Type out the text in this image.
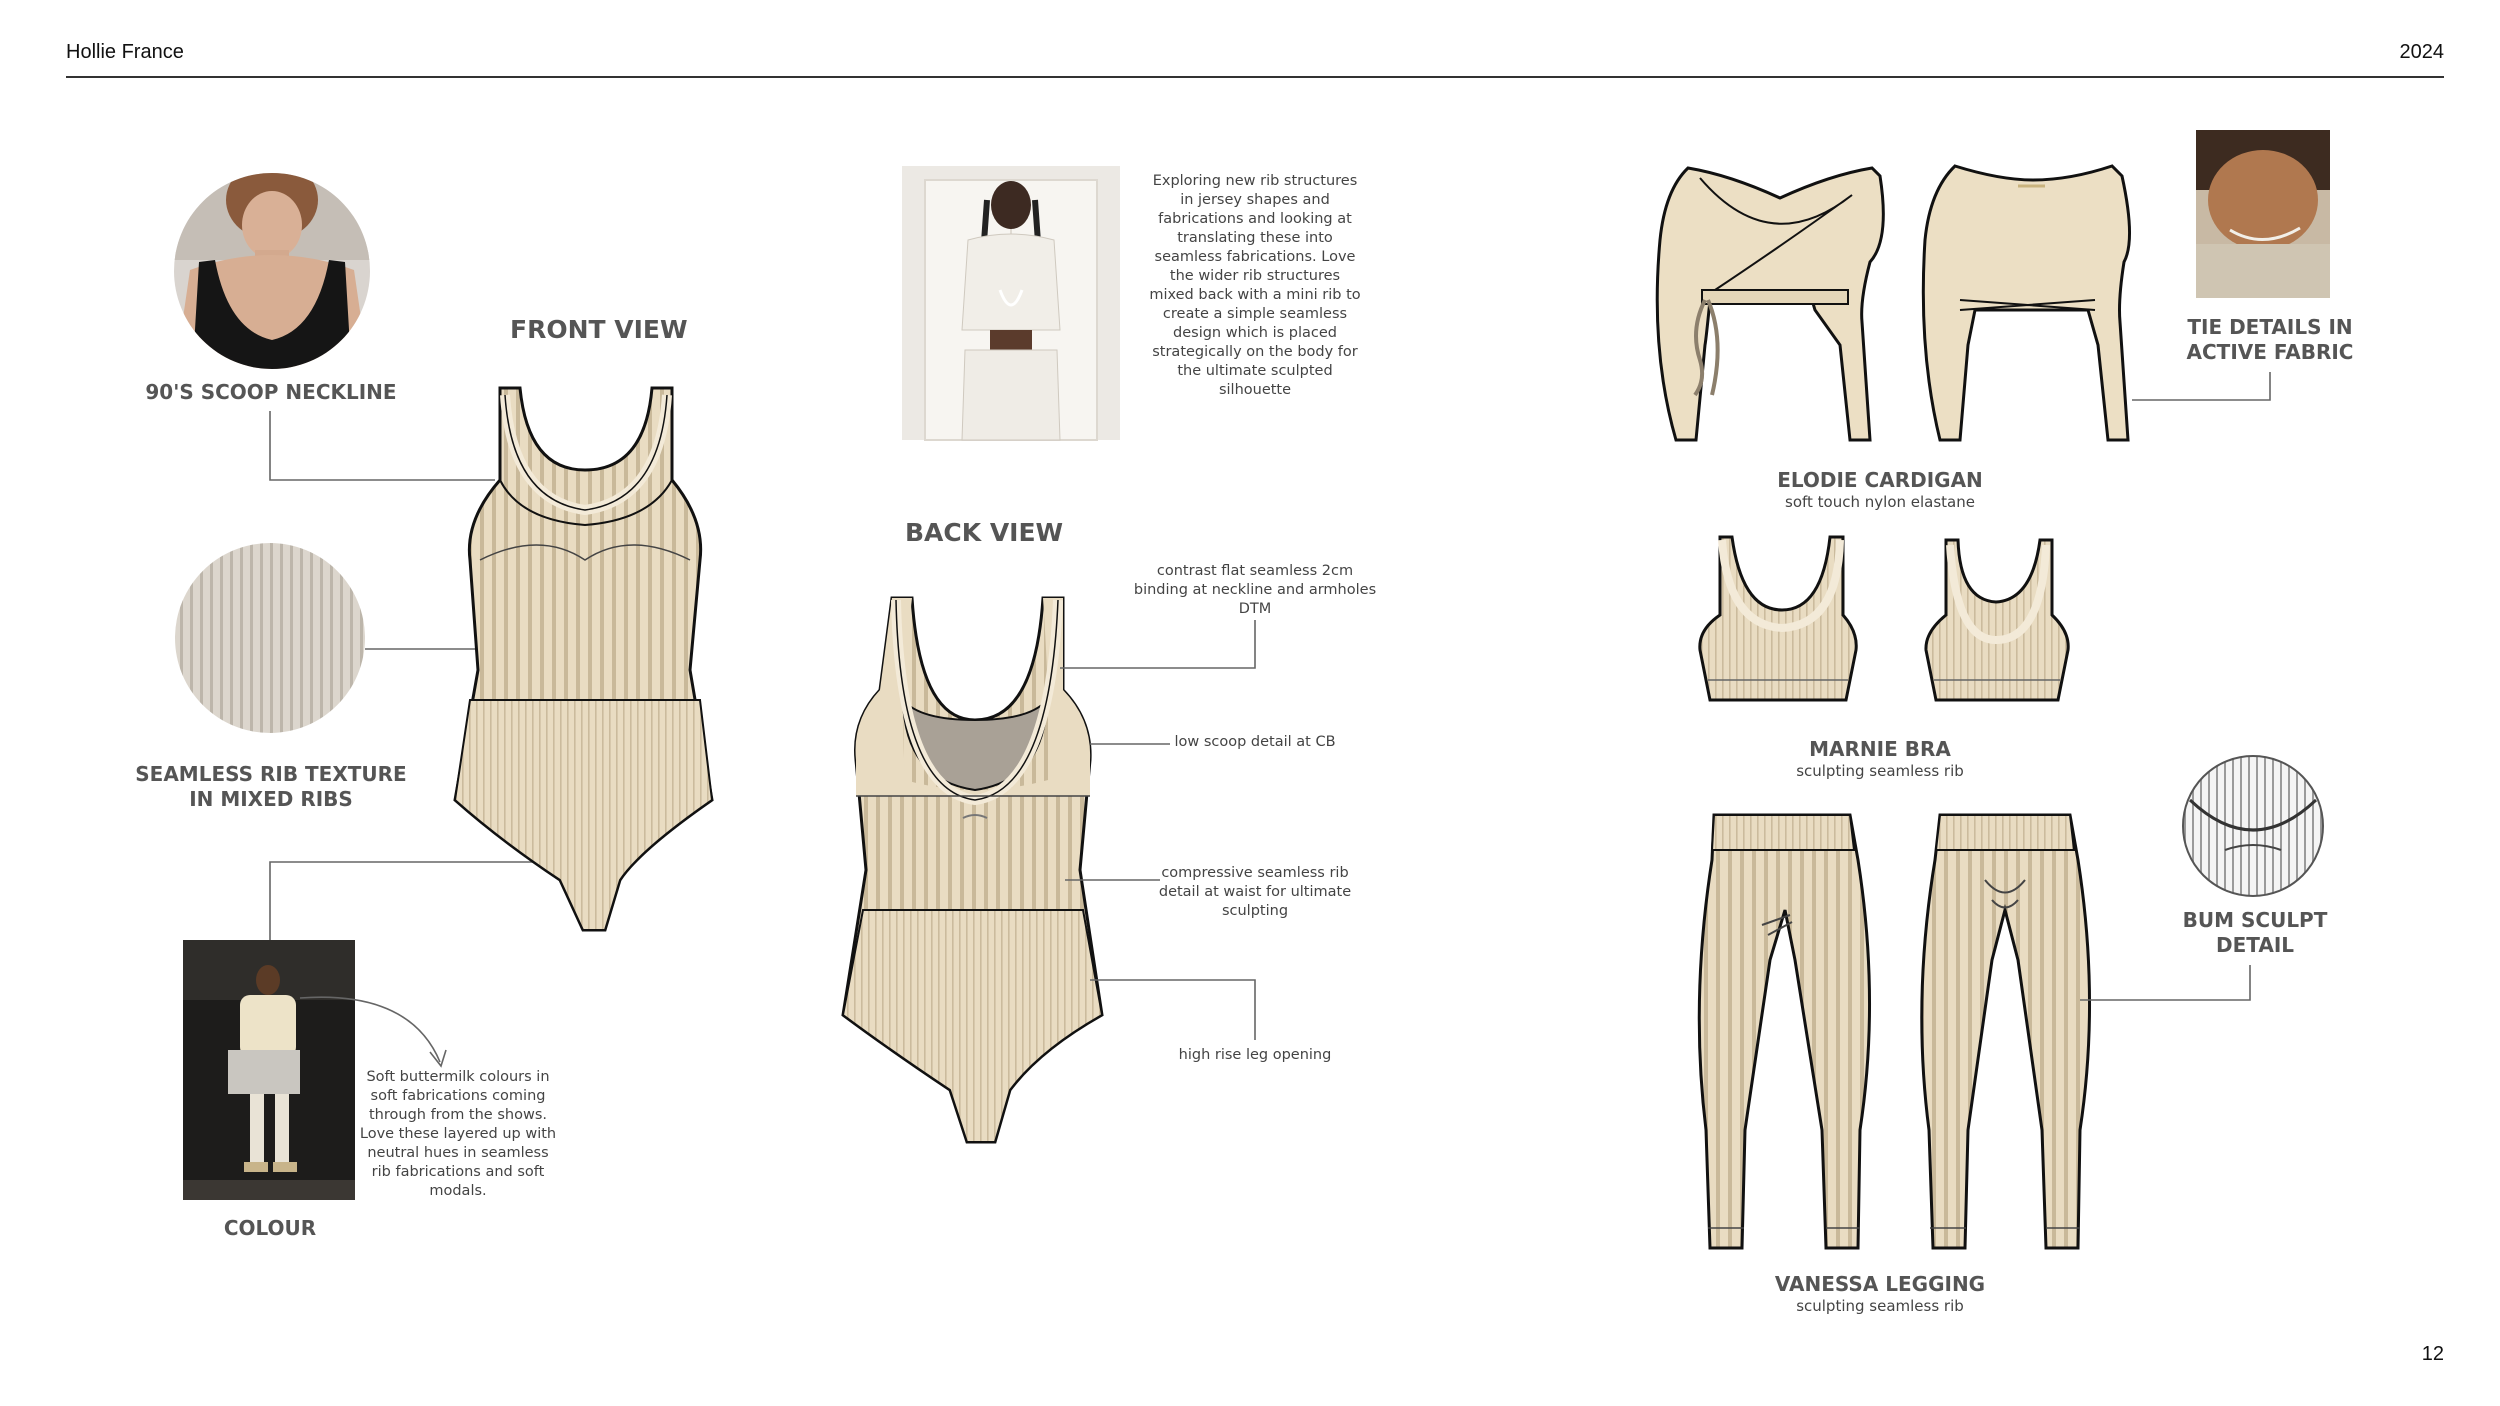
Hollie France	2024
90'S SCOOP NECKLINE
SEAMLESS RIB TEXTURE
IN MIXED RIBS
COLOUR
Soft buttermilk colours in
soft fabrications coming
through from the shows.
Love these layered up with
neutral hues in seamless
rib fabrications and soft
modals.
FRONT VIEW
BACK VIEW
Exploring new rib structures
in jersey shapes and
fabrications and looking at
translating these into
seamless fabrications. Love
the wider rib structures
mixed back with a mini rib to
create a simple seamless
design which is placed
strategically on the body for
the ultimate sculpted
silhouette
contrast flat seamless 2cm
binding at neckline and armholes
DTM
low scoop detail at CB
compressive seamless rib
detail at waist for ultimate
sculpting
high rise leg opening
TIE DETAILS IN
ACTIVE FABRIC
BUM SCULPT
DETAIL
ELODIE CARDIGAN
soft touch nylon elastane
MARNIE BRA
sculpting seamless rib
VANESSA LEGGING
sculpting seamless rib
12
